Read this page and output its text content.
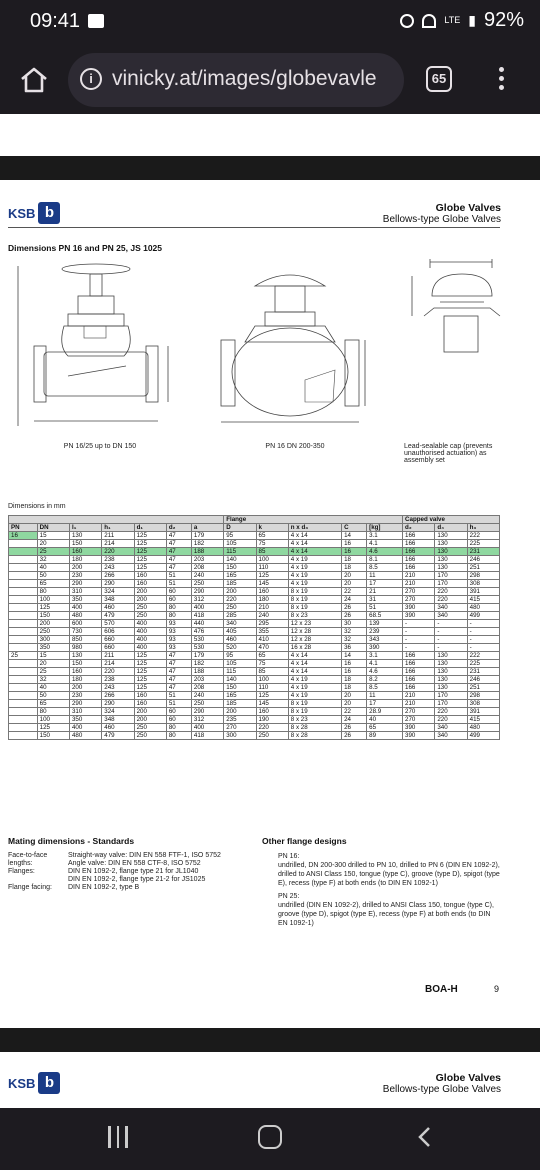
09:41	LTE ▮ 92%
i vinicky.at/images/globevavle	65
KSB b	Globe Valves
Bellows-type Globe Valves
Dimensions PN 16 and PN 25, JS 1025
PN 16/25 up to DN 150	PN 16 DN 200-350	Lead-sealable cap (prevents unauthorised actuation) as assembly set
Dimensions in mm
							Flange					Capped valve		
PN	DN	l₁	h₁	d₁	d₂	a	D	k	n x d₃	C	[kg]	d₂	d₄	h₃
16	15	130	211	125	47	179	95	65	4 x 14	14	3.1	166	130	222
	20	150	214	125	47	182	105	75	4 x 14	16	4.1	166	130	225
	25	160	220	125	47	188	115	85	4 x 14	16	4.6	166	130	231
	32	180	238	125	47	203	140	100	4 x 19	18	8.1	166	130	246
	40	200	243	125	47	208	150	110	4 x 19	18	8.5	166	130	251
	50	230	266	160	51	240	165	125	4 x 19	20	11	210	170	298
	65	290	290	160	51	250	185	145	4 x 19	20	17	210	170	308
	80	310	324	200	60	290	200	160	8 x 19	22	21	270	220	391
	100	350	348	200	60	312	220	180	8 x 19	24	31	270	220	415
	125	400	460	250	80	400	250	210	8 x 19	26	51	390	340	480
	150	480	479	250	80	418	285	240	8 x 23	26	68.5	390	340	499
	200	600	570	400	93	440	340	295	12 x 23	30	139	-	-	-
	250	730	606	400	93	476	405	355	12 x 28	32	239	-	-	-
	300	850	660	400	93	530	460	410	12 x 28	32	343	-	-	-
	350	980	660	400	93	530	520	470	16 x 28	36	390	-	-	-
25	15	130	211	125	47	179	95	65	4 x 14	14	3.1	166	130	222
	20	150	214	125	47	182	105	75	4 x 14	16	4.1	166	130	225
	25	160	220	125	47	188	115	85	4 x 14	16	4.6	166	130	231
	32	180	238	125	47	203	140	100	4 x 19	18	8.2	166	130	246
	40	200	243	125	47	208	150	110	4 x 19	18	8.5	166	130	251
	50	230	266	160	51	240	165	125	4 x 19	20	11	210	170	298
	65	290	290	160	51	250	185	145	8 x 19	20	17	210	170	308
	80	310	324	200	60	290	200	160	8 x 19	22	28.9	270	220	391
	100	350	348	200	60	312	235	190	8 x 23	24	40	270	220	415
	125	400	460	250	80	400	270	220	8 x 28	26	65	390	340	480
	150	480	479	250	80	418	300	250	8 x 28	26	89	390	340	499
Mating dimensions - Standards
Face-to-face	Straight-way valve: DIN EN 558 FTF-1, ISO 5752
lengths:	Angle valve: DIN EN 558 CTF-8, ISO 5752
Flanges:	DIN EN 1092-2, flange type 21 for JL1040
DIN EN 1092-2, flange type 21-2 for JS1025
Flange facing:	DIN EN 1092-2, type B
Other flange designs
PN 16:
undrilled, DN 200-300 drilled to PN 10, drilled to PN 6 (DIN EN 1092-2), drilled to ANSI Class 150, tongue (type C), groove (type D), spigot (type E), recess (type F) at both ends (to DIN EN 1092-1)
PN 25:
undrilled (DIN EN 1092-2), drilled to ANSI Class 150, tongue (type C), groove (type D), spigot (type E), recess (type F) at both ends (to DIN EN 1092-1)
BOA-H	9
KSB b	Globe Valves
Bellows-type Globe Valves
